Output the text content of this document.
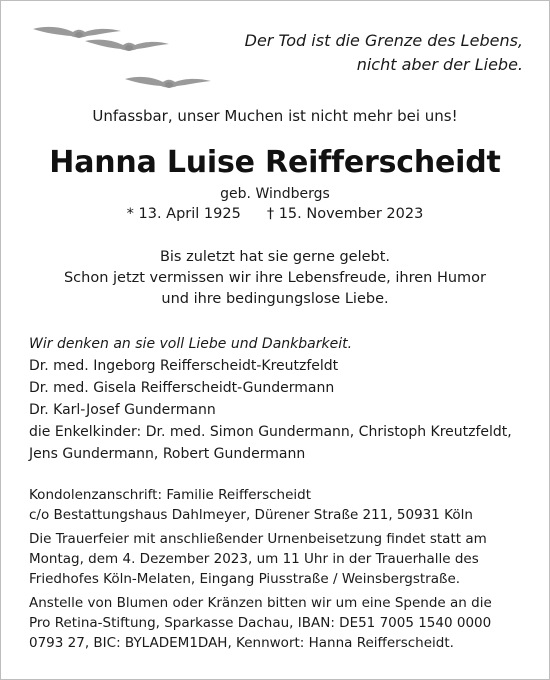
Der Tod ist die Grenze des Lebens,
nicht aber der Liebe.
Unfassbar, unser Muchen ist nicht mehr bei uns!
Hanna Luise Reifferscheidt
geb. Windbergs
* 13. April 1925 † 15. November 2023
Bis zuletzt hat sie gerne gelebt.
Schon jetzt vermissen wir ihre Lebensfreude, ihren Humor
und ihre bedingungslose Liebe.
Wir denken an sie voll Liebe und Dankbarkeit.
Dr. med. Ingeborg Reifferscheidt-Kreutzfeldt
Dr. med. Gisela Reifferscheidt-Gundermann
Dr. Karl-Josef Gundermann
die Enkelkinder: Dr. med. Simon Gundermann, Christoph Kreutzfeldt,
Jens Gundermann, Robert Gundermann
Kondolenzanschrift: Familie Reifferscheidt
c/o Bestattungshaus Dahlmeyer, Dürener Straße 211, 50931 Köln
Die Trauerfeier mit anschließender Urnenbeisetzung findet statt am
Montag, dem 4. Dezember 2023, um 11 Uhr in der Trauerhalle des
Friedhofes Köln-Melaten, Eingang Piusstraße / Weinsbergstraße.
Anstelle von Blumen oder Kränzen bitten wir um eine Spende an die
Pro Retina-Stiftung, Sparkasse Dachau, IBAN: DE51 7005 1540 0000
0793 27, BIC: BYLADEM1DAH, Kennwort: Hanna Reifferscheidt.
